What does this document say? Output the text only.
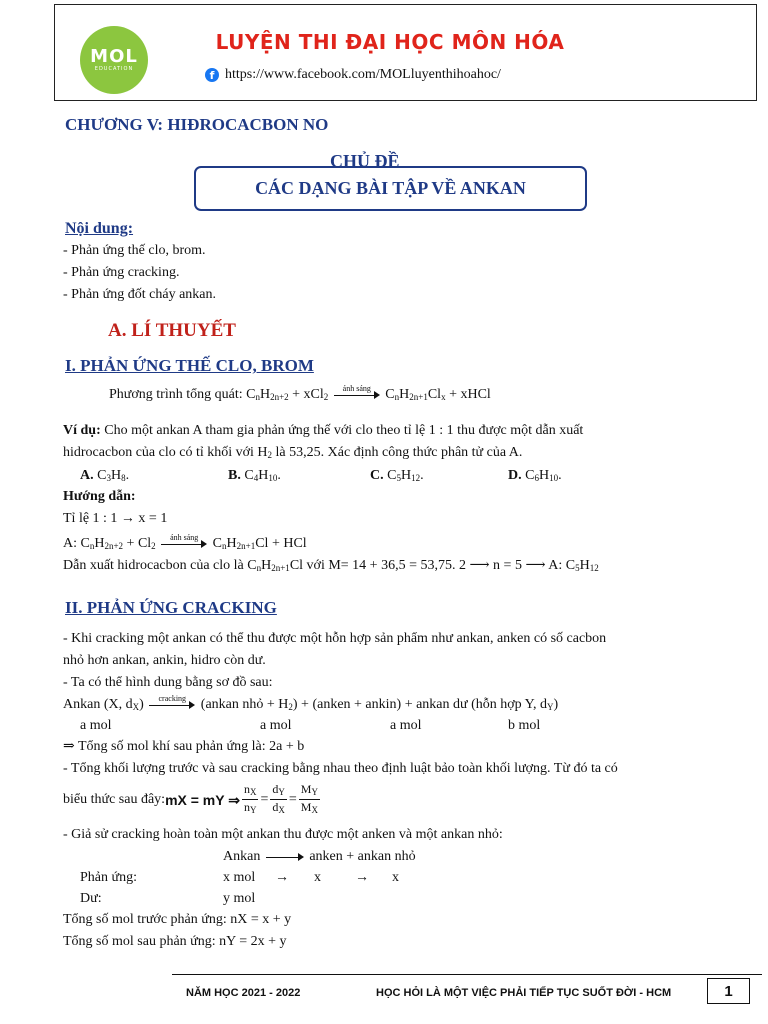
MOL
EDUCATION
LUYỆN THI ĐẠI HỌC MÔN HÓA
f https://www.facebook.com/MOLluyenthihoahoc/
CHƯƠNG V: HIĐROCACBON NO
CHỦ ĐỀ
CÁC DẠNG BÀI TẬP VỀ ANKAN
Nội dung:
- Phản ứng thế clo, brom.
- Phản ứng cracking.
- Phản ứng đốt cháy ankan.
A. LÍ THUYẾT
I. PHẢN ỨNG THẾ CLO, BROM
Phương trình tổng quát: $C_nH_{2n+2} + xCl_2$
ánh sáng $C_nH_{2n+1}Cl_x$ + xHCl
Ví dụ: Cho một ankan A tham gia phản ứng thế với clo theo tỉ lệ 1 : 1 thu được một dẫn xuất
hidrocacbon của clo có tỉ khối với $H_2$ là 53,25. Xác định công thức phân tử của A.
A. $C_3H_8$.	B. $C_4H_{10}$.	C. $C_5H_{12}$.	D. $C_6H_{10}$.
Hướng dẫn:
Tỉ lệ 1 : 1 → x = 1
A: $C_nH_{2n+2} + Cl_2$
ánh sáng $C_nH_{2n+1}Cl$ + HCl
Dẫn xuất hidrocacbon của clo là $C_nH_{2n+1}Cl$ với M= 14 + 36,5 = 53,75. 2 ⟶ n = 5 ⟶ A: $C_5H_{12}$
II. PHẢN ỨNG CRACKING
- Khi cracking một ankan có thể thu được một hỗn hợp sản phẩm như ankan, anken có số cacbon
nhỏ hơn ankan, ankin, hidro còn dư.
- Ta có thể hình dung bằng sơ đồ sau:
Ankan (X, $d_X$)	cracking	(ankan nhỏ + $H_2$) + (anken + ankin) + ankan dư (hỗn hợp Y, $d_Y$)
a mol	a mol	a mol	b mol
⇒ Tổng số mol khí sau phản ứng là: 2a + b
- Tổng khối lượng trước và sau cracking bằng nhau theo định luật bảo toàn khối lượng. Từ đó ta có
biểu thức sau đây: mX = mY ⇒ $\frac{n_X}{n_Y} = \frac{d_Y}{d_X} = \frac{M_Y}{M_X}$
- Giả sử cracking hoàn toàn một ankan thu được một anken và một ankan nhỏ:
Ankan	anken + ankan nhỏ
Phản ứng:	x mol → x → x
Dư:	y mol
Tổng số mol trước phản ứng: nX = x + y
Tổng số mol sau phản ứng: nY = 2x + y
NĂM HỌC 2021 - 2022	HỌC HỎI LÀ MỘT VIỆC PHẢI TIẾP TỤC SUỐT ĐỜI - HCM	1
